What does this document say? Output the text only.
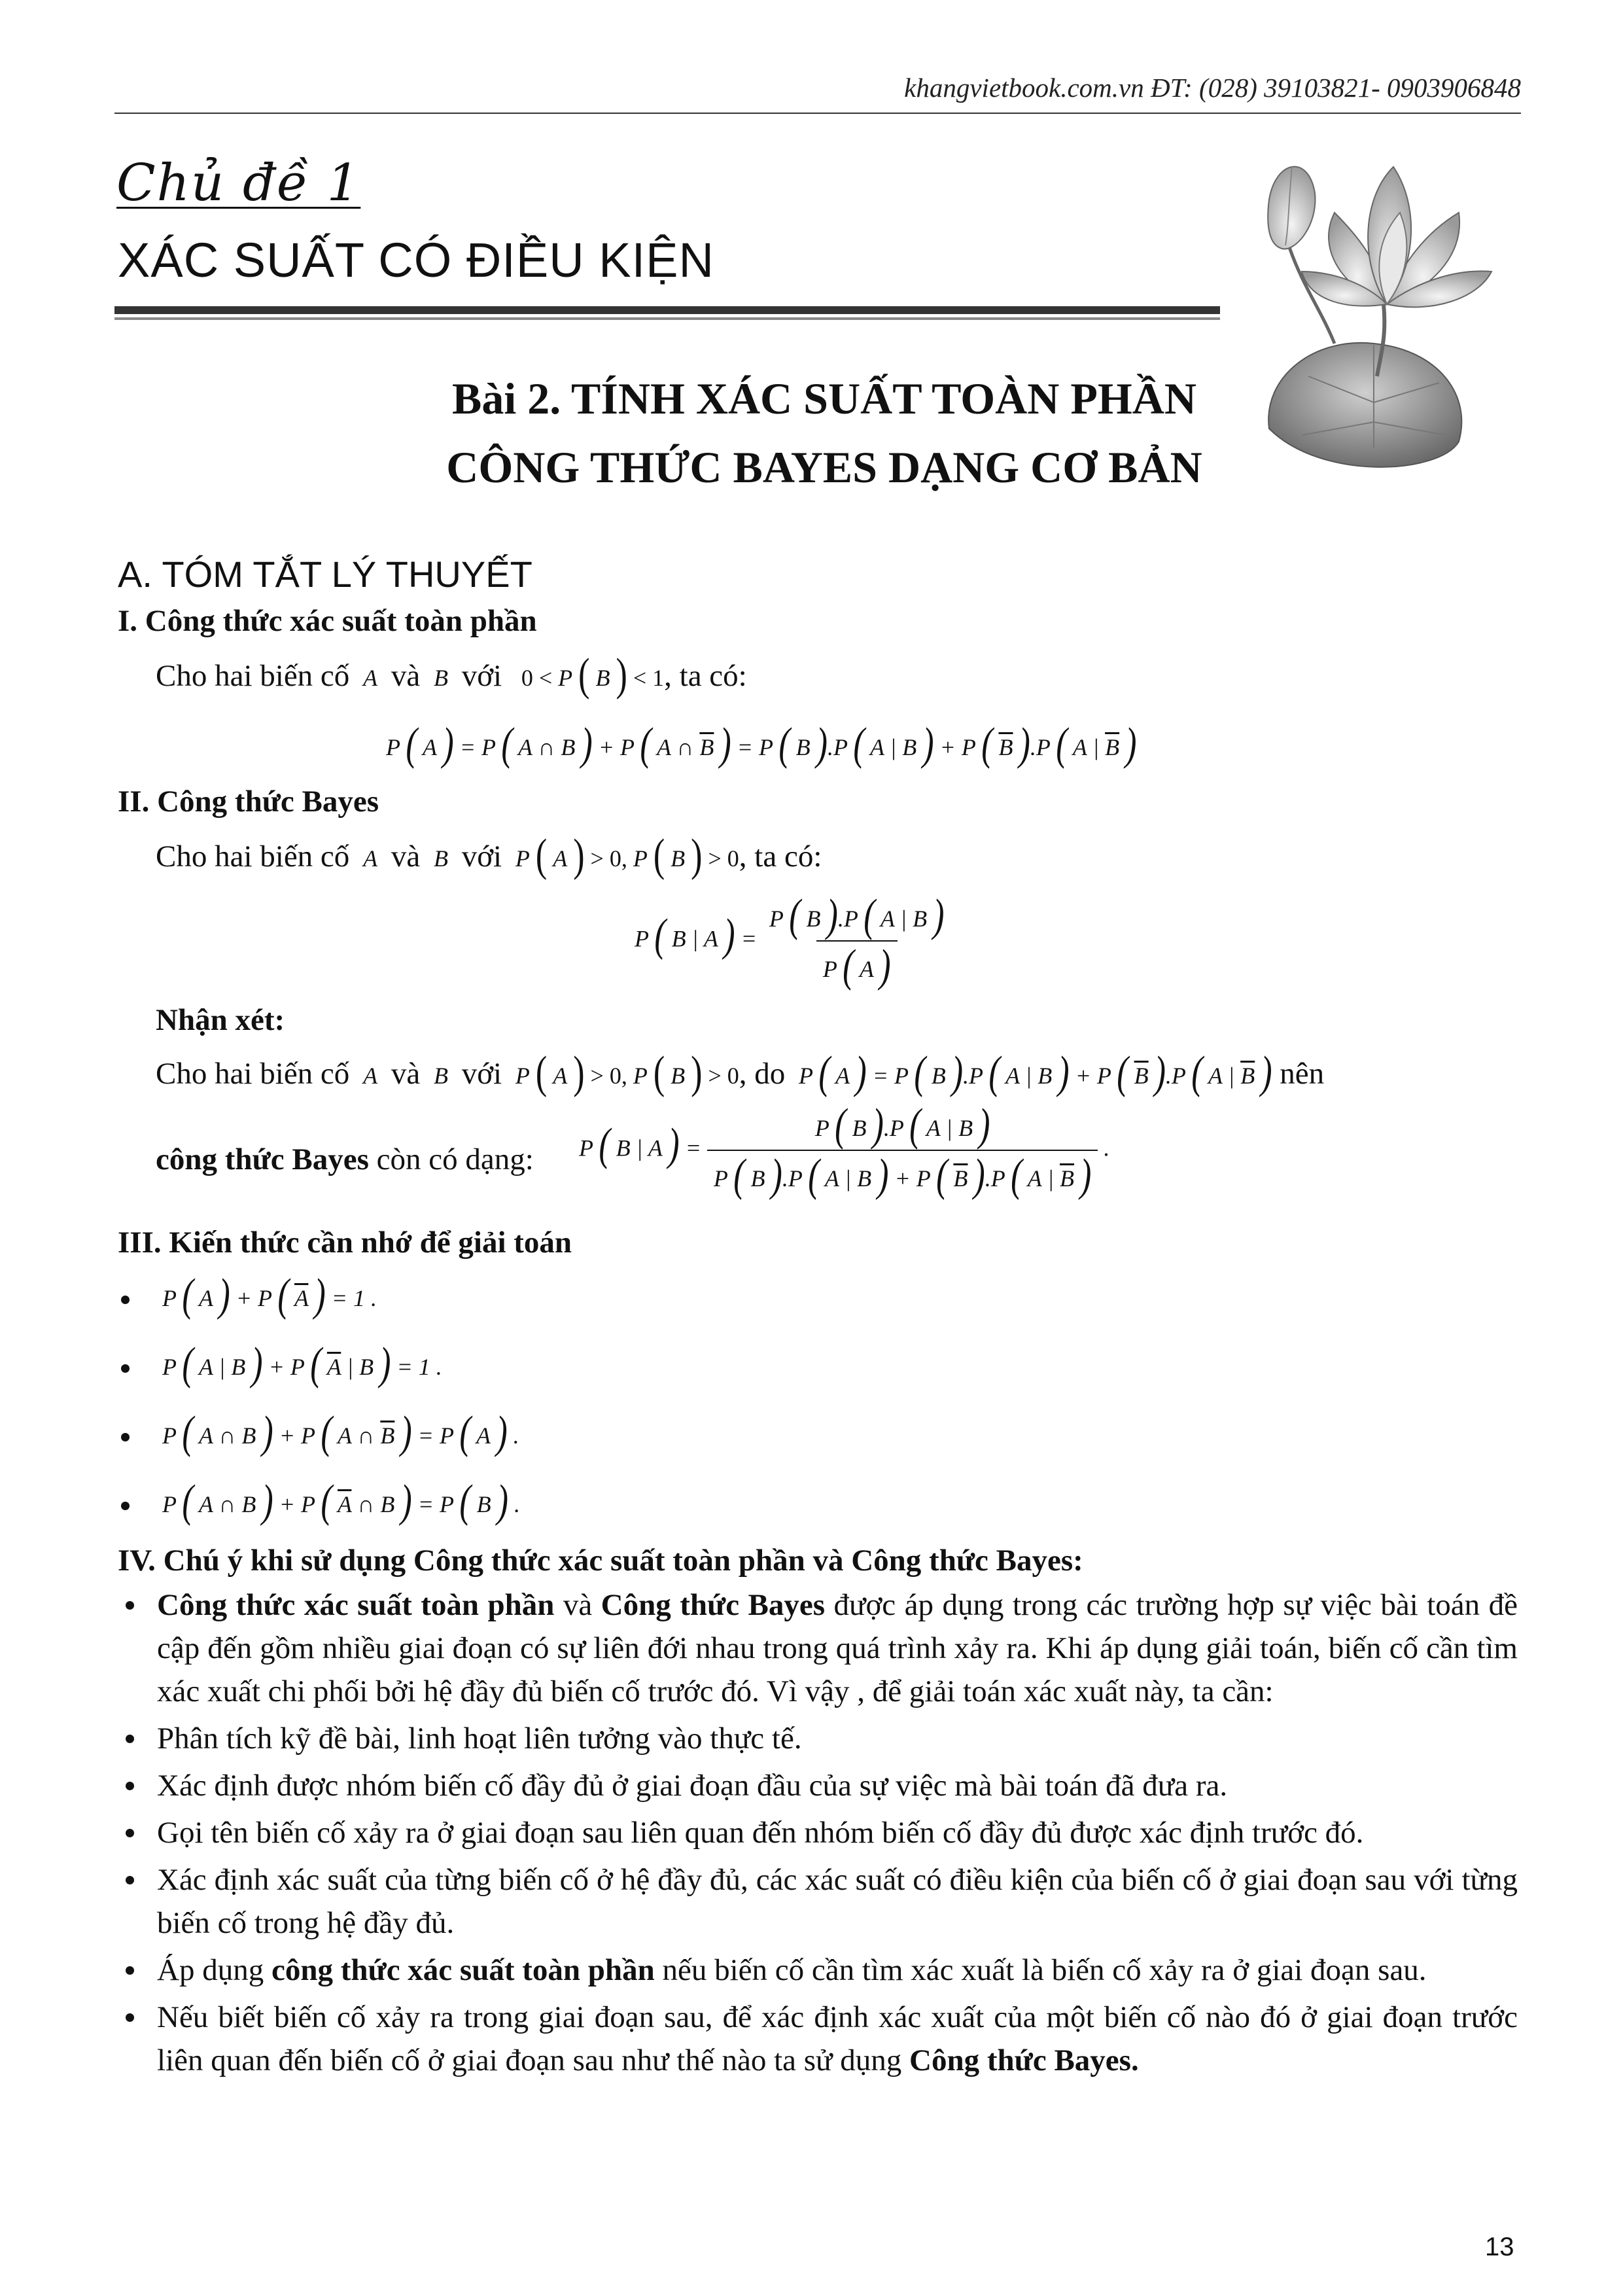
khangvietbook.com.vn ĐT: (028) 39103821- 0903906848
Chủ đề 1
XÁC SUẤT CÓ ĐIỀU KIỆN
Bài 2. TÍNH XÁC SUẤT TOÀN PHẦN
CÔNG THỨC BAYES DẠNG CƠ BẢN
A. TÓM TẮT LÝ THUYẾT
I. Công thức xác suất toàn phần
Cho hai biến cố  A  và  B  với   0 < P ( B ) < 1, ta có:
P ( A ) = P ( A ∩ B ) + P ( A ∩ $\overline{B}$ ) = P ( B ).P ( A | B ) + P ( $\overline{B}$ ).P ( A | $\overline{B}$ )
II. Công thức Bayes
Cho hai biến cố  A  và  B  với P ( A ) > 0, P ( B ) > 0, ta có:
P ( B | A ) = $\frac{P ( B ).P ( A | B )}{P ( A )}$
Nhận xét:
Cho hai biến cố  A  và  B  với P ( A ) > 0, P ( B ) > 0, do  P ( A ) = P ( B ).P ( A | B ) + P ( $\overline{B}$ ).P ( A | $\overline{B}$ ) nên
công thức Bayes còn có dạng: P ( B | A ) = $\frac{P ( B ).P ( A | B )}{P ( B ).P ( A | B ) + P ( \overline{B} ).P ( A | \overline{B} )}$ .
III. Kiến thức cần nhớ để giải toán
P ( A ) + P ( $\overline{A}$ ) = 1 .
P ( A | B ) + P ( $\overline{A}$ | B ) = 1 .
P ( A ∩ B ) + P ( A ∩ $\overline{B}$ ) = P ( A ) .
P ( A ∩ B ) + P ( $\overline{A}$ ∩ B ) = P ( B ) .
IV. Chú ý khi sử dụng Công thức xác suất toàn phần và Công thức Bayes:
Công thức xác suất toàn phần và Công thức Bayes được áp dụng trong các trường hợp sự việc bài toán đề cập đến gồm nhiều giai đoạn có sự liên đới nhau trong quá trình xảy ra. Khi áp dụng giải toán, biến cố cần tìm xác xuất chi phối bởi hệ đầy đủ biến cố trước đó. Vì vậy , để giải toán xác xuất này, ta cần:
Phân tích kỹ đề bài, linh hoạt liên tưởng vào thực tế.
Xác định được nhóm biến cố đầy đủ ở giai đoạn đầu của sự việc mà bài toán đã đưa ra.
Gọi tên biến cố xảy ra ở giai đoạn sau liên quan đến nhóm biến cố đầy đủ được xác định trước đó.
Xác định xác suất của từng biến cố ở hệ đầy đủ, các xác suất có điều kiện của biến cố ở giai đoạn sau với từng biến cố trong hệ đầy đủ.
Áp dụng công thức xác suất toàn phần nếu biến cố cần tìm xác xuất là biến cố xảy ra ở giai đoạn sau.
Nếu biết biến cố xảy ra trong giai đoạn sau, để xác định xác xuất của một biến cố nào đó ở giai đoạn trước liên quan đến biến cố ở giai đoạn sau như thế nào ta sử dụng Công thức Bayes.
13
